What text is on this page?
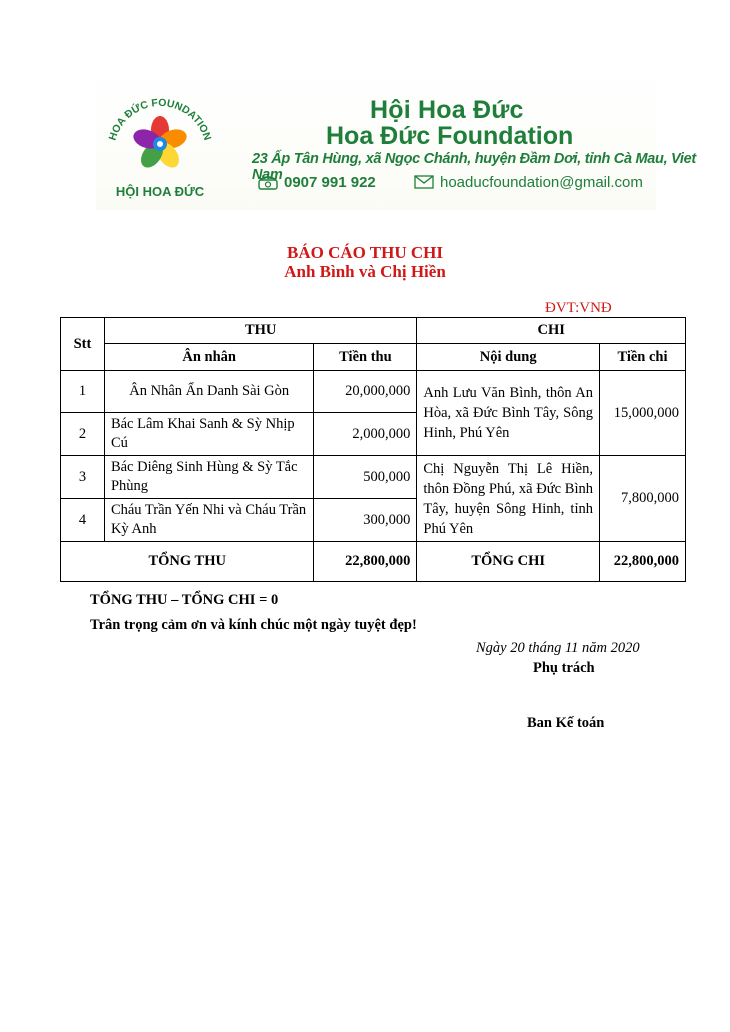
HOA ĐỨC FOUNDATION
HỘI HOA ĐỨC
Hội Hoa Đức
Hoa Đức Foundation
23 Ấp Tân Hùng, xã Ngọc Chánh, huyện Đầm Dơi, tỉnh Cà Mau, Viet Nam 0907 991 922	hoaducfoundation@gmail.com
BÁO CÁO THU CHI
Anh Bình và Chị Hiền
ĐVT:VNĐ
Stt	THU		CHI	
	Ân nhân	Tiền thu	Nội dung	Tiền chi
1	Ân Nhân Ẩn Danh Sài Gòn	20,000,000	Anh Lưu Văn Bình, thôn An Hòa, xã Đức Bình Tây, Sông Hinh, Phú Yên	15,000,000
2	Bác Lâm Khai Sanh & Sỳ Nhịp Cú	2,000,000		
3	Bác Diêng Sinh Hùng & Sỳ Tắc Phùng	500,000	Chị Nguyễn Thị Lê Hiền, thôn Đồng Phú, xã Đức Bình Tây, huyện Sông Hinh, tỉnh Phú Yên	7,800,000
4	Cháu Trần Yến Nhi và Cháu Trần Kỳ Anh	300,000		
TỔNG THU		22,800,000	TỔNG CHI	22,800,000
TỔNG THU – TỔNG CHI = 0
Trân trọng cảm ơn và kính chúc một ngày tuyệt đẹp!
Ngày 20 tháng 11 năm 2020
Phụ trách
Ban Kế toán
